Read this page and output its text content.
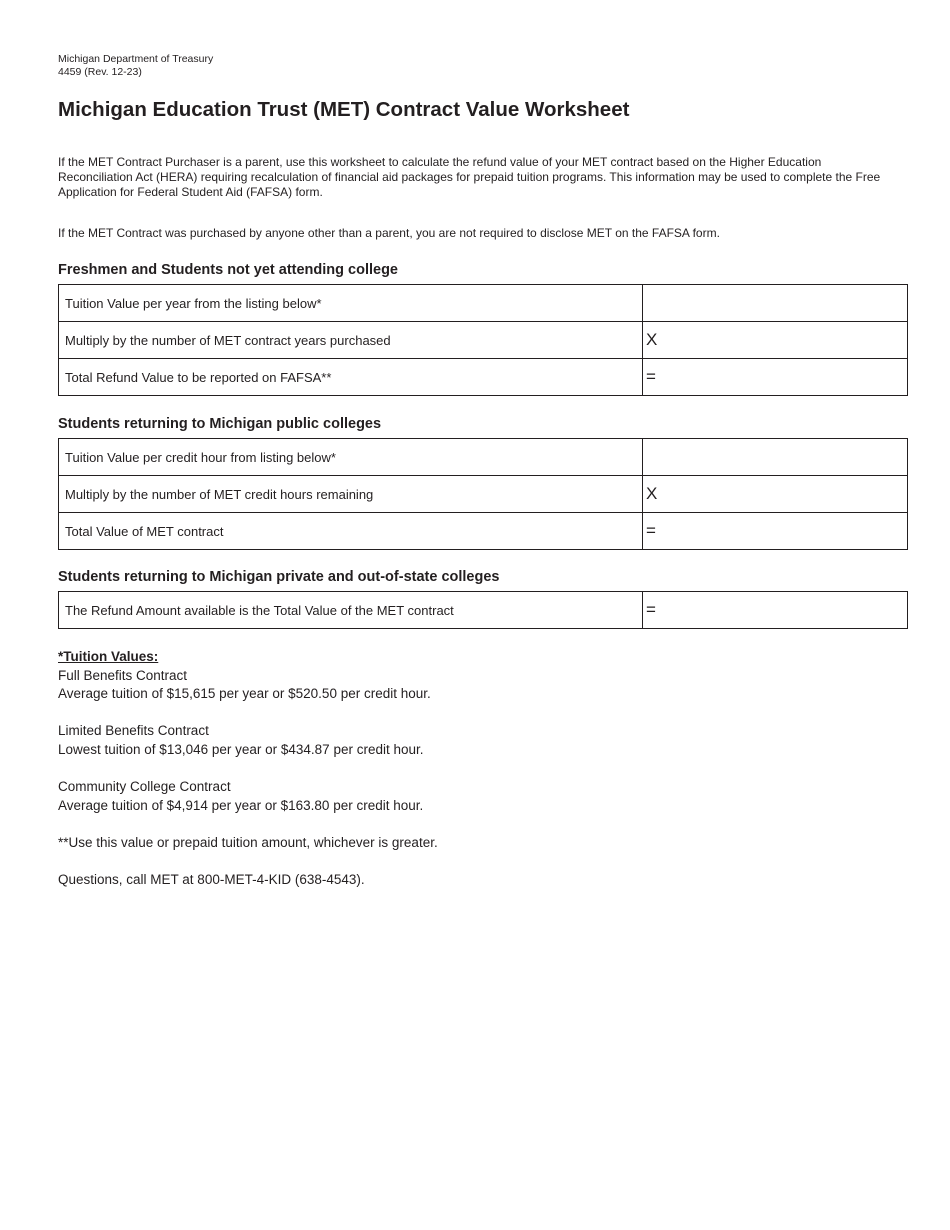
Michigan Department of Treasury
4459 (Rev. 12-23)
Michigan Education Trust (MET) Contract Value Worksheet

If the MET Contract Purchaser is a parent, use this worksheet to calculate the refund value of your MET contract based on the Higher Education Reconciliation Act (HERA) requiring recalculation of financial aid packages for prepaid tuition programs. This information may be used to complete the Free Application for Federal Student Aid (FAFSA) form.

If the MET Contract was purchased by anyone other than a parent, you are not required to disclose MET on the FAFSA form.

Freshmen and Students not yet attending college
Tuition Value per year from the listing below*	
Multiply by the number of MET contract years purchased	X
Total Refund Value to be reported on FAFSA**	=
Students returning to Michigan public colleges
Tuition Value per credit hour from listing below*	
Multiply by the number of MET credit hours remaining	X
Total Value of MET contract	=
Students returning to Michigan private and out-of-state colleges
The Refund Amount available is the Total Value of the MET contract	=

*Tuition Values:

Full Benefits Contract

Average tuition of $15,615 per year or $520.50 per credit hour.

Limited Benefits Contract

Lowest tuition of $13,046 per year or $434.87 per credit hour.

Community College Contract

Average tuition of $4,914 per year or $163.80 per credit hour.

**Use this value or prepaid tuition amount, whichever is greater.

Questions, call MET at 800-MET-4-KID (638-4543).
